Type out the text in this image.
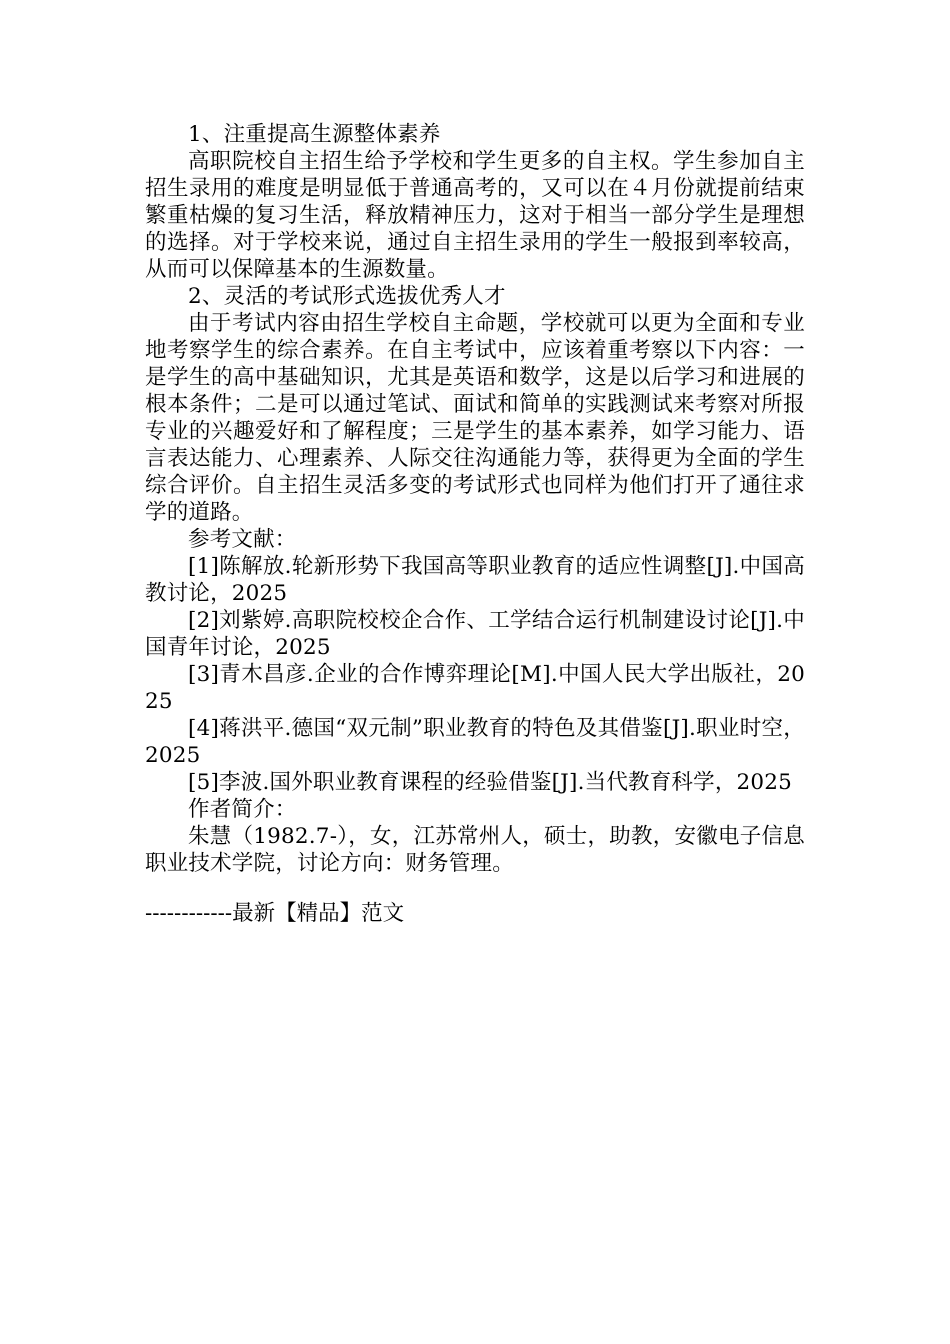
1、注重提高生源整体素养

高职院校自主招生给予学校和学生更多的自主权。学生参加自主招生录用的难度是明显低于普通高考的，又可以在４月份就提前结束繁重枯燥的复习生活，释放精神压力，这对于相当一部分学生是理想的选择。对于学校来说，通过自主招生录用的学生一般报到率较高，从而可以保障基本的生源数量。

2、灵活的考试形式选拔优秀人才

由于考试内容由招生学校自主命题，学校就可以更为全面和专业地考察学生的综合素养。在自主考试中，应该着重考察以下内容：一是学生的高中基础知识，尤其是英语和数学，这是以后学习和进展的根本条件；二是可以通过笔试、面试和简单的实践测试来考察对所报专业的兴趣爱好和了解程度；三是学生的基本素养，如学习能力、语言表达能力、心理素养、人际交往沟通能力等，获得更为全面的学生综合评价。自主招生灵活多变的考试形式也同样为他们打开了通往求学的道路。

参考文献：

[1]陈解放.轮新形势下我国高等职业教育的适应性调整[J].中国高教讨论，2025

[2]刘紫婷.高职院校校企合作、工学结合运行机制建设讨论[J].中国青年讨论，2025

[3]青木昌彦.企业的合作博弈理论[M].中国人民大学出版社，2025

[4]蒋洪平.德国“双元制”职业教育的特色及其借鉴[J].职业时空，2025

[5]李波.国外职业教育课程的经验借鉴[J].当代教育科学，2025

作者简介：

朱慧（1982.7-），女，江苏常州人，硕士，助教，安徽电子信息职业技术学院，讨论方向：财务管理。

------------最新【精品】范文
